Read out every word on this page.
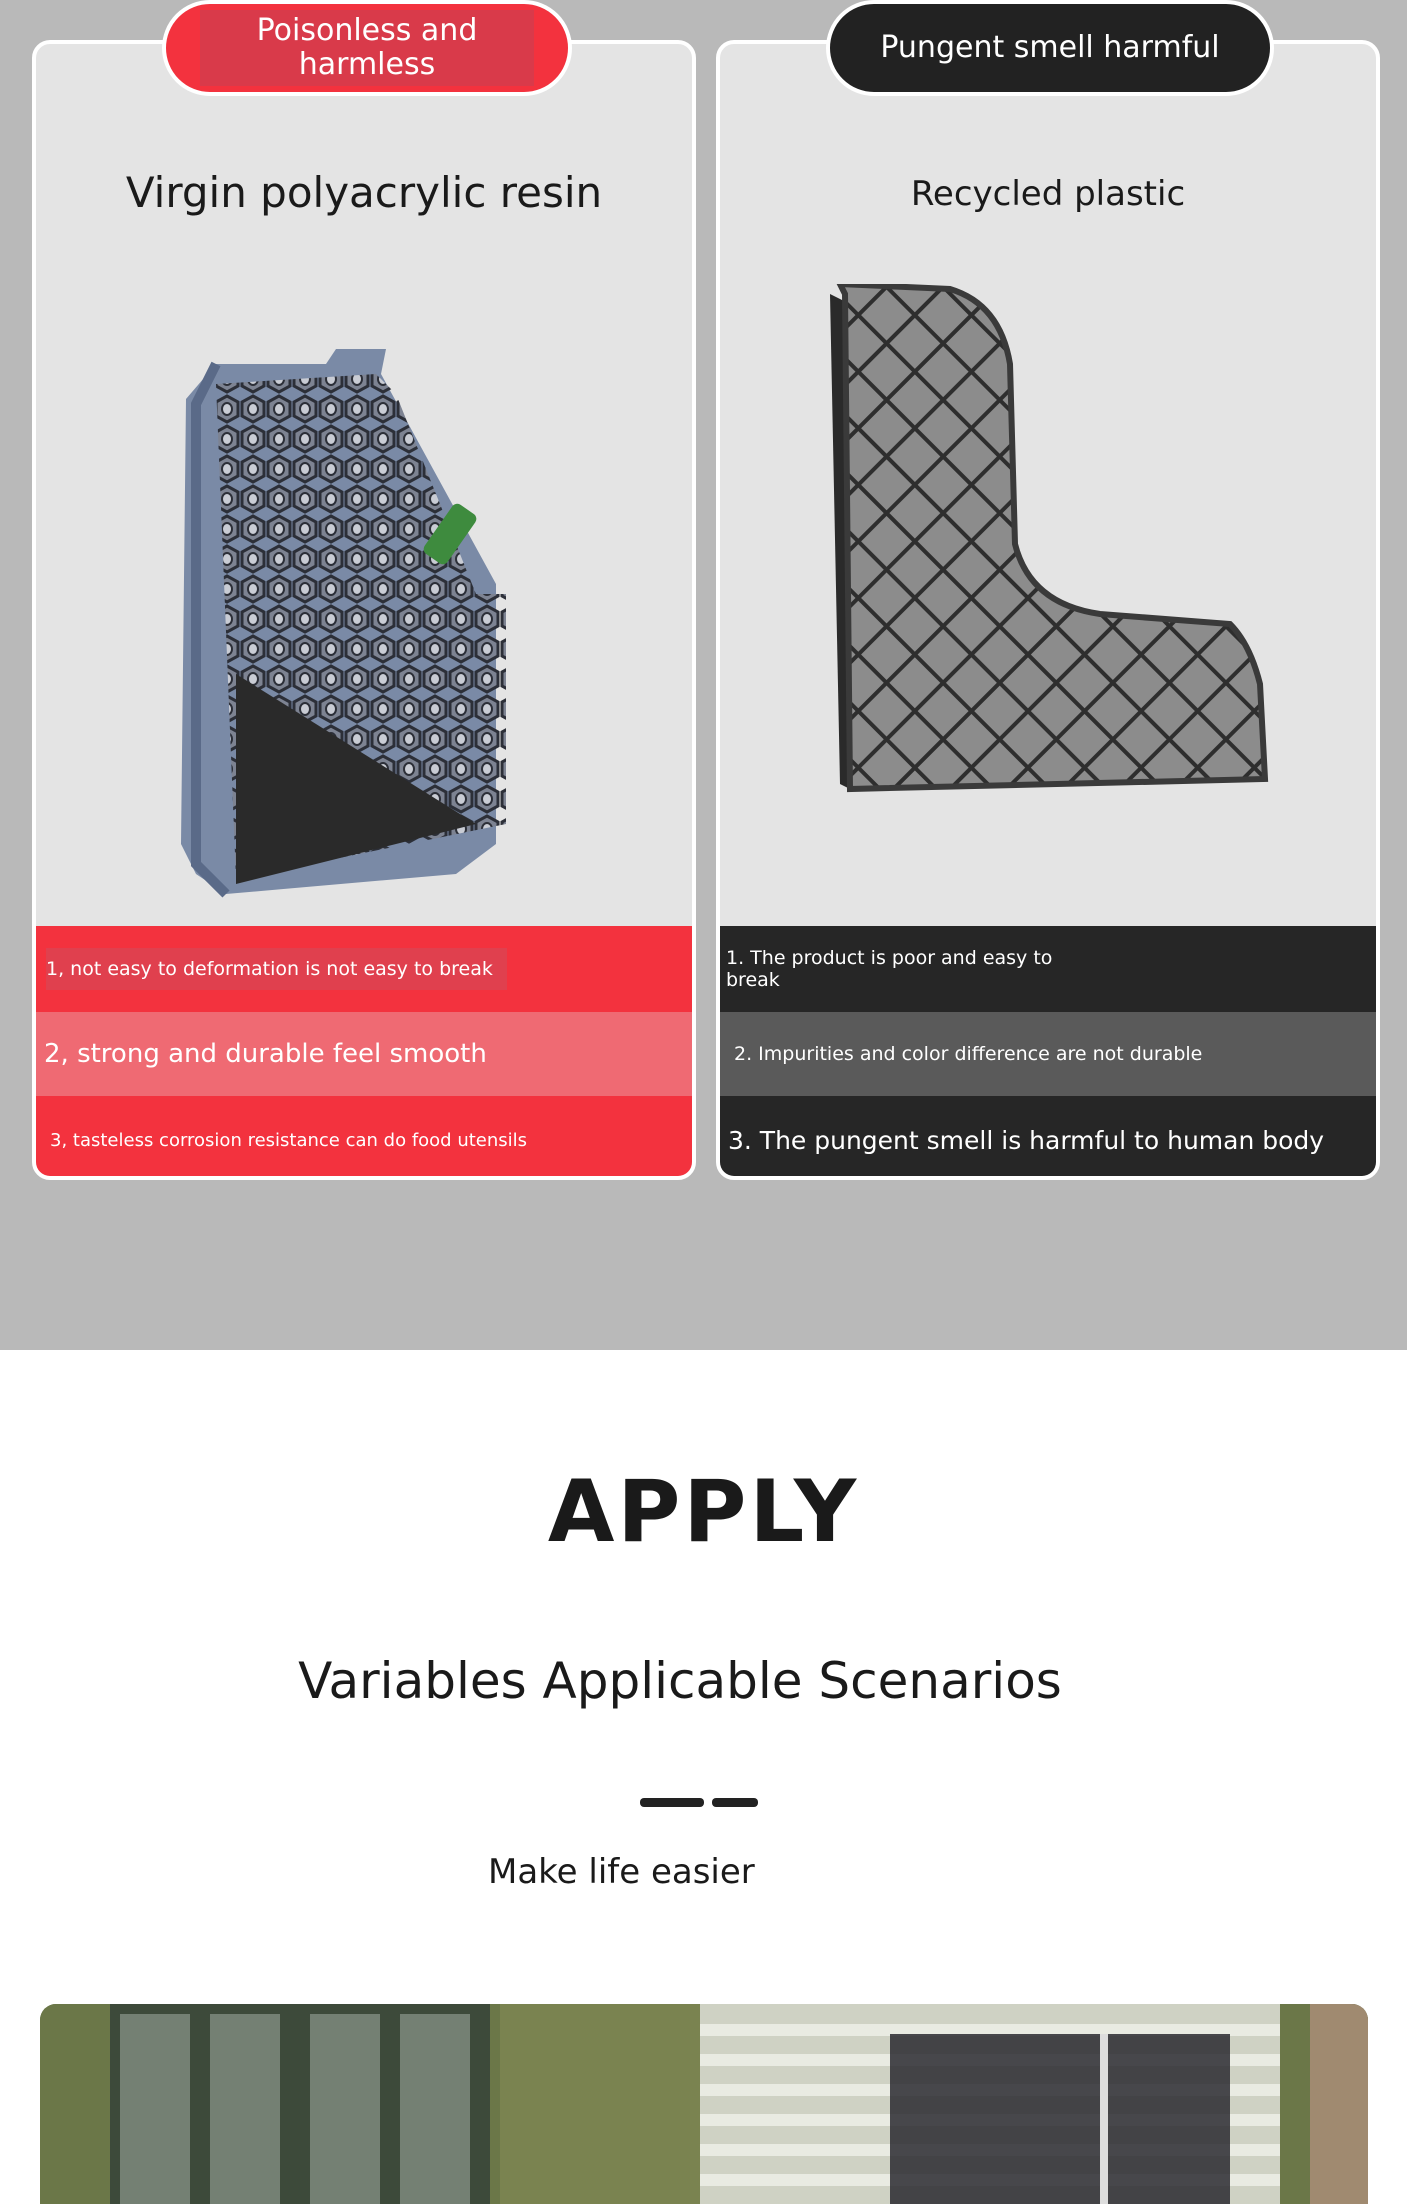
Virgin polyacrylic resin
1, not easy to deformation is not easy to break
2, strong and durable feel smooth
3, tasteless corrosion resistance can do food utensils
Recycled plastic
1. The product is poor and easy to break
2. Impurities and color difference are not durable
3. The pungent smell is harmful to human body
Poisonless and harmless	Pungent smell harmful
APPLY
Variables Applicable Scenarios
Make life easier
